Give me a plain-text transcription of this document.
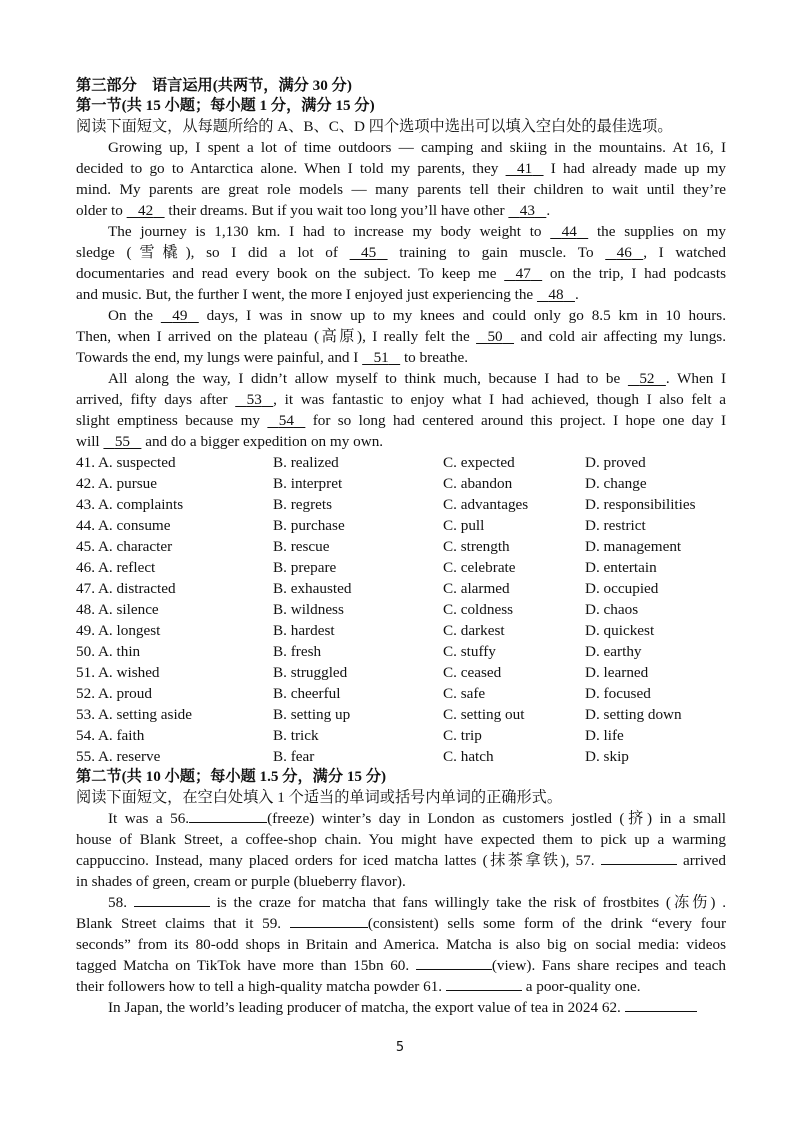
第三部分　语言运用(共两节，满分 30 分)
第一节(共 15 小题；每小题 1 分，满分 15 分)
阅读下面短文，从每题所给的 A、B、C、D 四个选项中选出可以填入空白处的最佳选项。
Growing up, I spent a lot of time outdoors — camping and skiing in the mountains. At 16, I
decided to go to Antarctica alone. When I told my parents, they 41 I had already made up my
mind. My parents are great role models — many parents tell their children to wait until they’re
older to 42 their dreams. But if you wait too long you’ll have other 43 .
The journey is 1,130 km. I had to increase my body weight to 44 the supplies on my
sledge (雪橇), so I did a lot of 45 training to gain muscle. To 46 , I watched
documentaries and read every book on the subject. To keep me 47 on the trip, I had podcasts
and music. But, the further I went, the more I enjoyed just experiencing the 48 .
On the 49 days, I was in snow up to my knees and could only go 8.5 km in 10 hours.
Then, when I arrived on the plateau (高原), I really felt the 50 and cold air affecting my lungs.
Towards the end, my lungs were painful, and I 51 to breathe.
All along the way, I didn’t allow myself to think much, because I had to be 52 . When I
arrived, fifty days after 53 , it was fantastic to enjoy what I had achieved, though I also felt a
slight emptiness because my 54 for so long had centered around this project. I hope one day I
will 55 and do a bigger expedition on my own.
41. A. suspected	B. realized	C. expected	D. proved
42. A. pursue	B. interpret	C. abandon	D. change
43. A. complaints	B. regrets	C. advantages	D. responsibilities
44. A. consume	B. purchase	C. pull	D. restrict
45. A. character	B. rescue	C. strength	D. management
46. A. reflect	B. prepare	C. celebrate	D. entertain
47. A. distracted	B. exhausted	C. alarmed	D. occupied
48. A. silence	B. wildness	C. coldness	D. chaos
49. A. longest	B. hardest	C. darkest	D. quickest
50. A. thin	B. fresh	C. stuffy	D. earthy
51. A. wished	B. struggled	C. ceased	D. learned
52. A. proud	B. cheerful	C. safe	D. focused
53. A. setting aside	B. setting up	C. setting out	D. setting down
54. A. faith	B. trick	C. trip	D. life
55. A. reserve	B. fear	C. hatch	D. skip
第二节(共 10 小题；每小题 1.5 分，满分 15 分)
阅读下面短文，在空白处填入 1 个适当的单词或括号内单词的正确形式。
It was a 56.	(freeze) winter’s day in London as customers jostled (挤) in a small
house of Blank Street, a coffee-shop chain. You might have expected them to pick up a warming
cappuccino. Instead, many placed orders for iced matcha lattes (抹茶拿铁), 57.	arrived
in shades of green, cream or purple (blueberry flavor).
58.	is the craze for matcha that fans willingly take the risk of frostbites (冻伤) .
Blank Street claims that it 59.	(consistent) sells some form of the drink “every four
seconds” from its 80-odd shops in Britain and America. Matcha is also big on social media: videos
tagged Matcha on TikTok have more than 15bn 60.	(view). Fans share recipes and teach
their followers how to tell a high-quality matcha powder 61.	a poor-quality one.
In Japan, the world’s leading producer of matcha, the export value of tea in 2024 62.
5
